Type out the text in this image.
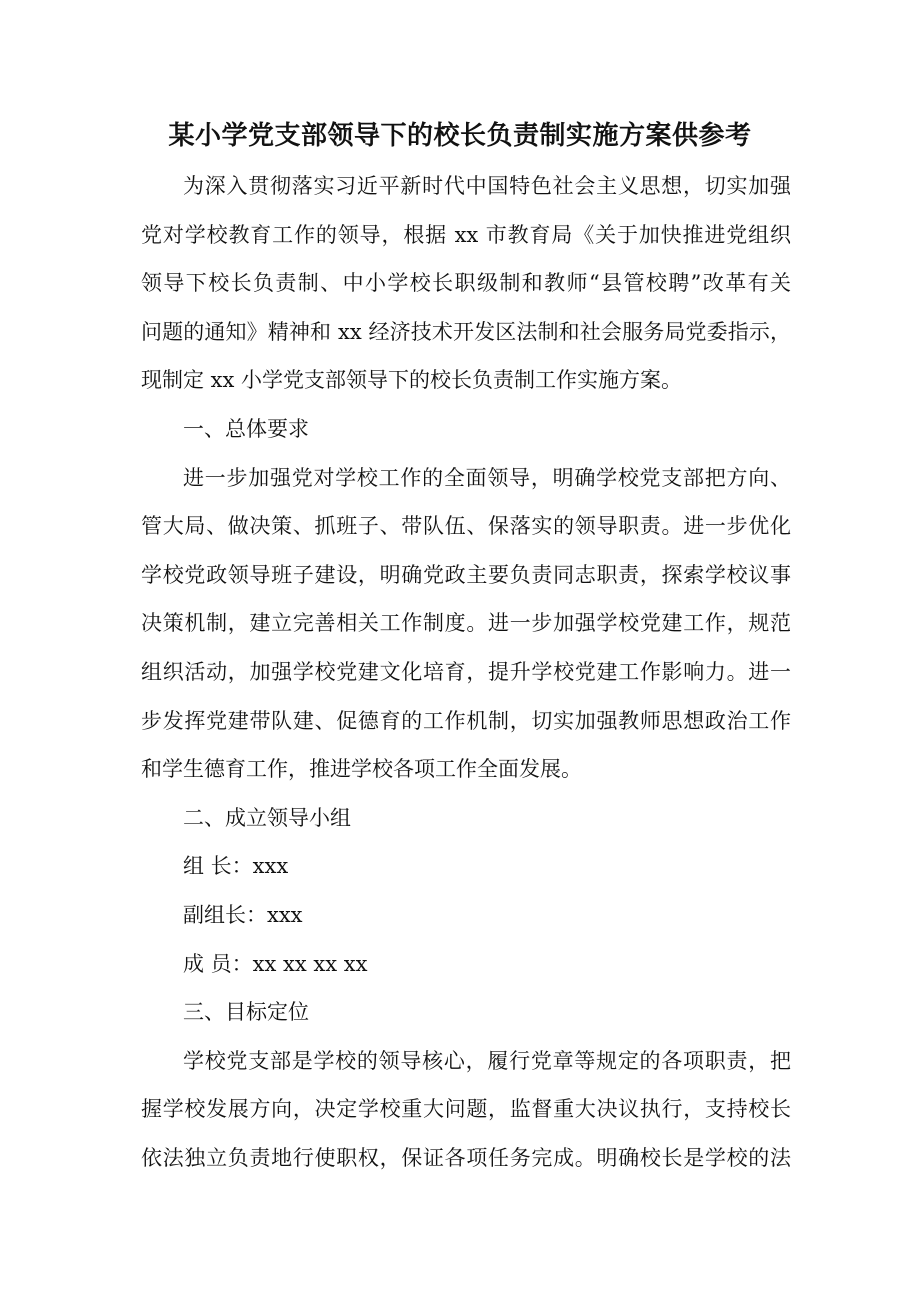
某小学党支部领导下的校长负责制实施方案供参考
为深入贯彻落实习近平新时代中国特色社会主义思想，切实加强
党对学校教育工作的领导，根据 xx 市教育局《关于加快推进党组织
领导下校长负责制、中小学校长职级制和教师“县管校聘”改革有关
问题的通知》精神和 xx 经济技术开发区法制和社会服务局党委指示，
现制定 xx 小学党支部领导下的校长负责制工作实施方案。
一、总体要求
进一步加强党对学校工作的全面领导，明确学校党支部把方向、
管大局、做决策、抓班子、带队伍、保落实的领导职责。进一步优化
学校党政领导班子建设，明确党政主要负责同志职责，探索学校议事
决策机制，建立完善相关工作制度。进一步加强学校党建工作，规范
组织活动，加强学校党建文化培育，提升学校党建工作影响力。进一
步发挥党建带队建、促德育的工作机制，切实加强教师思想政治工作
和学生德育工作，推进学校各项工作全面发展。
二、成立领导小组
组 长：xxx
副组长：xxx
成 员：xx xx xx xx
三、目标定位
学校党支部是学校的领导核心，履行党章等规定的各项职责，把
握学校发展方向，决定学校重大问题，监督重大决议执行，支持校长
依法独立负责地行使职权，保证各项任务完成。明确校长是学校的法
